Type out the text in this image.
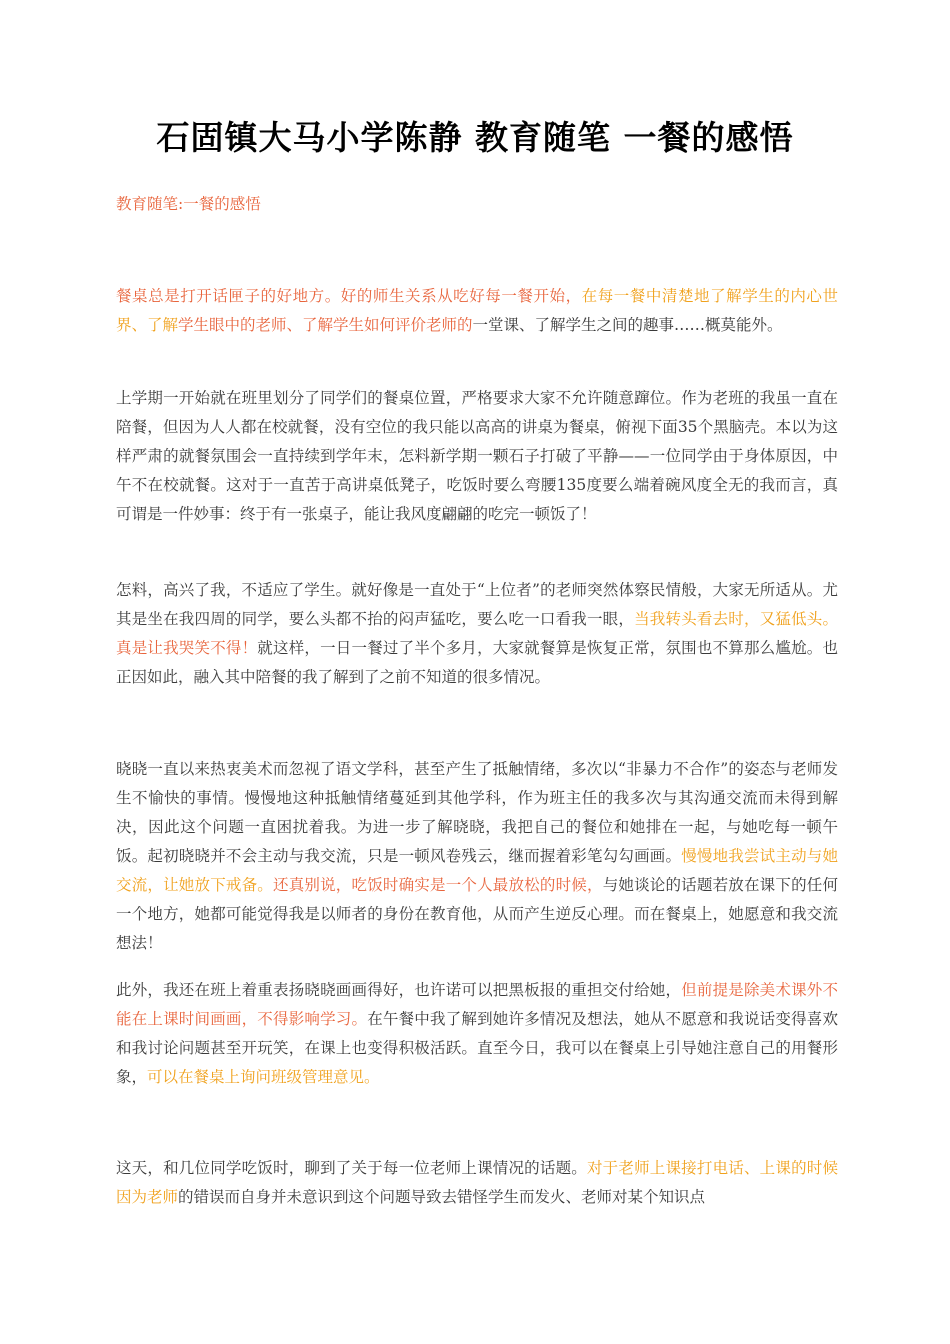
石固镇大马小学陈静 教育随笔 一餐的感悟
教育随笔:一餐的感悟

餐桌总是打开话匣子的好地方。好的师生关系从吃好每一餐开始，在每一餐中清楚地了解学生的内心世界、了解学生眼中的老师、了解学生如何评价老师的一堂课、了解学生之间的趣事……概莫能外。

上学期一开始就在班里划分了同学们的餐桌位置，严格要求大家不允许随意蹿位。作为老班的我虽一直在陪餐，但因为人人都在校就餐，没有空位的我只能以高高的讲桌为餐桌，俯视下面35个黑脑壳。本以为这样严肃的就餐氛围会一直持续到学年末，怎料新学期一颗石子打破了平静——一位同学由于身体原因，中午不在校就餐。这对于一直苦于高讲桌低凳子，吃饭时要么弯腰135度要么端着碗风度全无的我而言，真可谓是一件妙事：终于有一张桌子，能让我风度翩翩的吃完一顿饭了！

怎料，高兴了我，不适应了学生。就好像是一直处于“上位者”的老师突然体察民情般，大家无所适从。尤其是坐在我四周的同学，要么头都不抬的闷声猛吃，要么吃一口看我一眼，当我转头看去时，又猛低头。真是让我哭笑不得！就这样，一日一餐过了半个多月，大家就餐算是恢复正常，氛围也不算那么尴尬。也正因如此，融入其中陪餐的我了解到了之前不知道的很多情况。

晓晓一直以来热衷美术而忽视了语文学科，甚至产生了抵触情绪，多次以“非暴力不合作”的姿态与老师发生不愉快的事情。慢慢地这种抵触情绪蔓延到其他学科，作为班主任的我多次与其沟通交流而未得到解决，因此这个问题一直困扰着我。为进一步了解晓晓，我把自己的餐位和她排在一起，与她吃每一顿午饭。起初晓晓并不会主动与我交流，只是一顿风卷残云，继而握着彩笔勾勾画画。慢慢地我尝试主动与她交流，让她放下戒备。还真别说，吃饭时确实是一个人最放松的时候，与她谈论的话题若放在课下的任何一个地方，她都可能觉得我是以师者的身份在教育他，从而产生逆反心理。而在餐桌上，她愿意和我交流想法！

此外，我还在班上着重表扬晓晓画画得好，也许诺可以把黑板报的重担交付给她，但前提是除美术课外不能在上课时间画画，不得影响学习。在午餐中我了解到她许多情况及想法，她从不愿意和我说话变得喜欢和我讨论问题甚至开玩笑，在课上也变得积极活跃。直至今日，我可以在餐桌上引导她注意自己的用餐形象，可以在餐桌上询问班级管理意见。

这天，和几位同学吃饭时，聊到了关于每一位老师上课情况的话题。对于老师上课接打电话、上课的时候因为老师的错误而自身并未意识到这个问题导致去错怪学生而发火、老师对某个知识点
